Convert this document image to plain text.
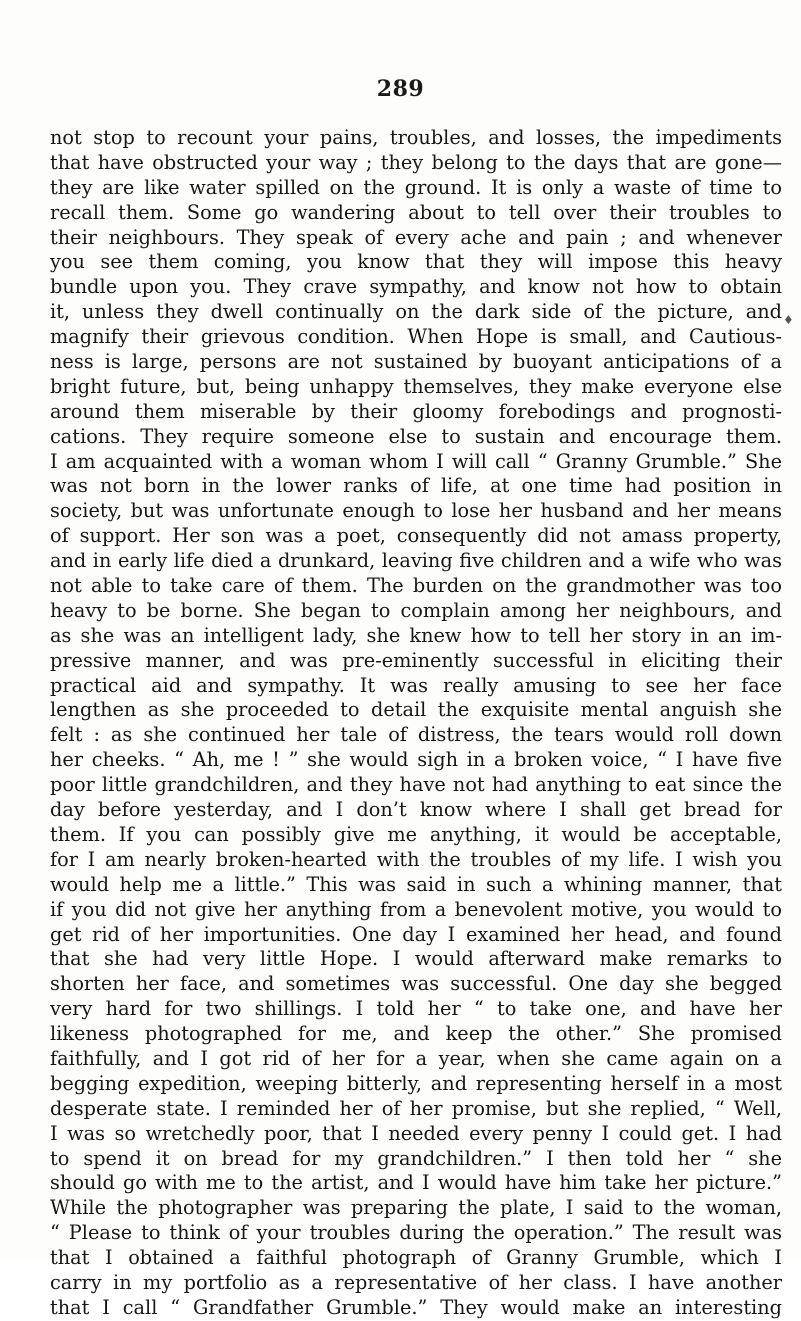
289
♦
not stop to recount your pains, troubles, and losses, the impediments
that have obstructed your way ; they belong to the days that are gone—
they are like water spilled on the ground. It is only a waste of time to
recall them. Some go wandering about to tell over their troubles to
their neighbours. They speak of every ache and pain ; and whenever
you see them coming, you know that they will impose this heavy
bundle upon you. They crave sympathy, and know not how to obtain
it, unless they dwell continually on the dark side of the picture, and
magnify their grievous condition. When Hope is small, and Cautious-
ness is large, persons are not sustained by buoyant anticipations of a
bright future, but, being unhappy themselves, they make everyone else
around them miserable by their gloomy forebodings and prognosti-
cations. They require someone else to sustain and encourage them.
I am acquainted with a woman whom I will call “ Granny Grumble.” She
was not born in the lower ranks of life, at one time had position in
society, but was unfortunate enough to lose her husband and her means
of support. Her son was a poet, consequently did not amass property,
and in early life died a drunkard, leaving five children and a wife who was
not able to take care of them. The burden on the grandmother was too
heavy to be borne. She began to complain among her neighbours, and
as she was an intelligent lady, she knew how to tell her story in an im-
pressive manner, and was pre-eminently successful in eliciting their
practical aid and sympathy. It was really amusing to see her face
lengthen as she proceeded to detail the exquisite mental anguish she
felt : as she continued her tale of distress, the tears would roll down
her cheeks. “ Ah, me ! ” she would sigh in a broken voice, “ I have five
poor little grandchildren, and they have not had anything to eat since the
day before yesterday, and I don’t know where I shall get bread for
them. If you can possibly give me anything, it would be acceptable,
for I am nearly broken-hearted with the troubles of my life. I wish you
would help me a little.” This was said in such a whining manner, that
if you did not give her anything from a benevolent motive, you would to
get rid of her importunities. One day I examined her head, and found
that she had very little Hope. I would afterward make remarks to
shorten her face, and sometimes was successful. One day she begged
very hard for two shillings. I told her “ to take one, and have her
likeness photographed for me, and keep the other.” She promised
faithfully, and I got rid of her for a year, when she came again on a
begging expedition, weeping bitterly, and representing herself in a most
desperate state. I reminded her of her promise, but she replied, “ Well,
I was so wretchedly poor, that I needed every penny I could get. I had
to spend it on bread for my grandchildren.” I then told her “ she
should go with me to the artist, and I would have him take her picture.”
While the photographer was preparing the plate, I said to the woman,
“ Please to think of your troubles during the operation.” The result was
that I obtained a faithful photograph of Granny Grumble, which I
carry in my portfolio as a representative of her class. I have another
that I call “ Grandfather Grumble.” They would make an interesting
